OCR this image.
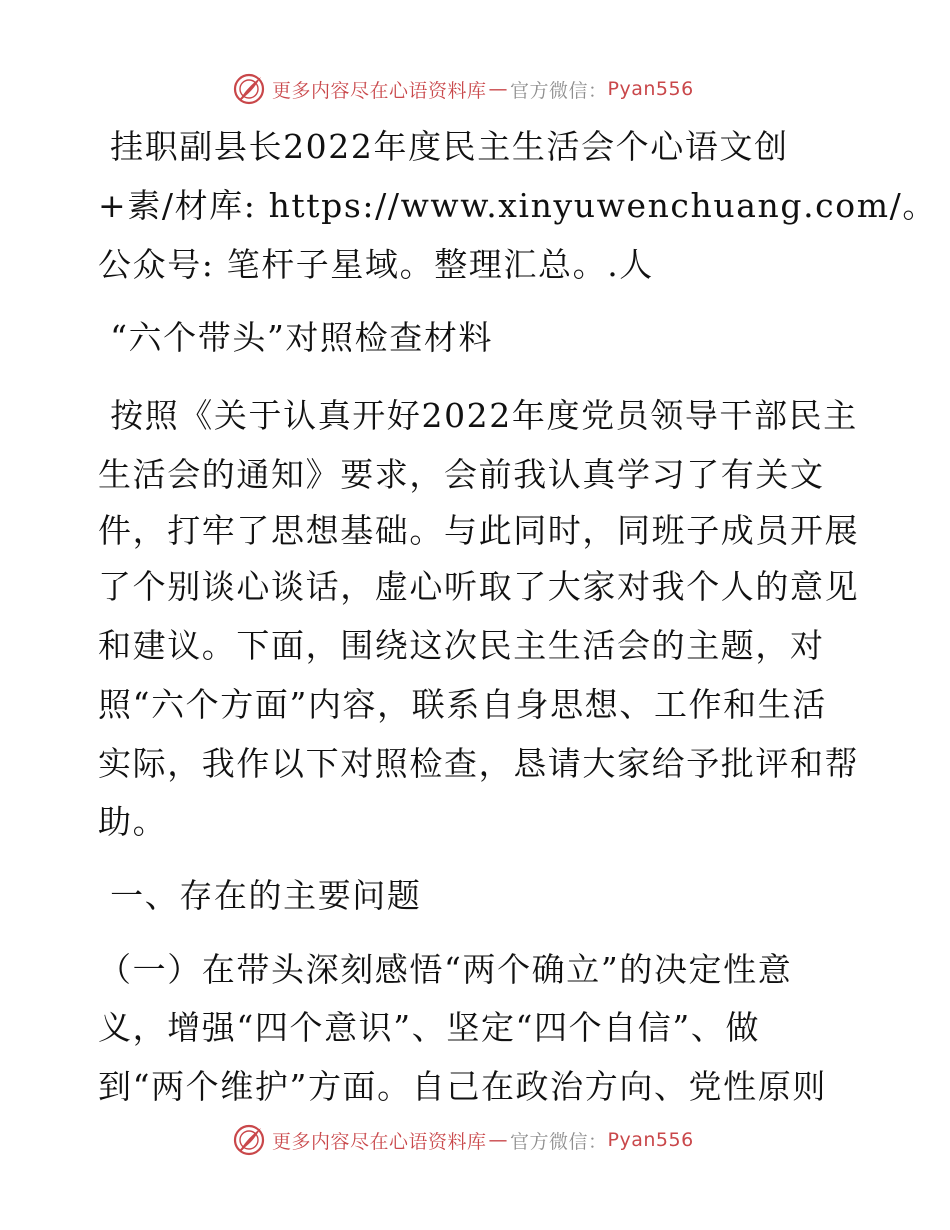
更多内容尽在心语资料库 — 官方微信： Pyan556
挂职副县长2022年度民主生活会个心语文创
+素/材库: https://www.xinyuwenchuang.com/。
公众号: 笔杆子星域。整理汇总。.人
“六个带头”对照检查材料
按照《关于认真开好2022年度党员领导干部民主
生活会的通知》要求，会前我认真学习了有关文
件，打牢了思想基础。与此同时，同班子成员开展
了个别谈心谈话，虚心听取了大家对我个人的意见
和建议。下面，围绕这次民主生活会的主题，对
照“六个方面”内容，联系自身思想、工作和生活
实际，我作以下对照检查，恳请大家给予批评和帮
助。
一、存在的主要问题
（一）在带头深刻感悟“两个确立”的决定性意
义，增强“四个意识”、坚定“四个自信”、做
到“两个维护”方面。自己在政治方向、党性原则
更多内容尽在心语资料库 — 官方微信： Pyan556
